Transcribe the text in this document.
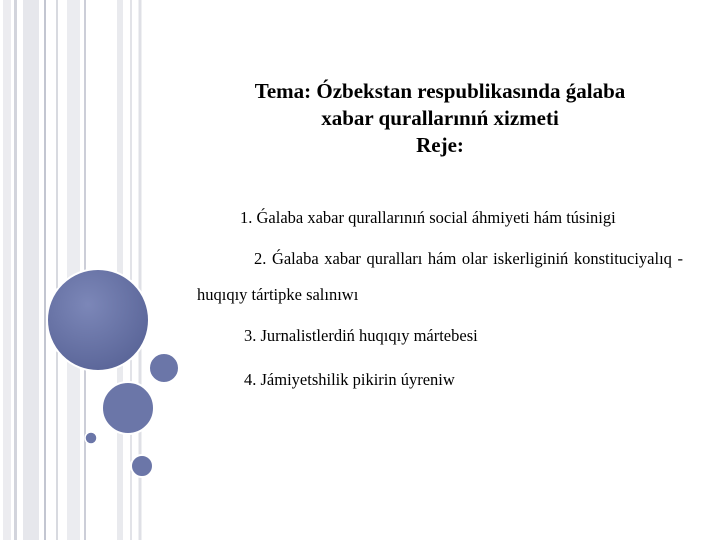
Tema: Ózbekstan respublikasında ǵalaba
xabar qurallarınıń xizmeti
Reje:
1. Ǵalaba xabar qurallarınıń social áhmiyeti hám túsinigi
2. Ǵalaba xabar quralları hám olar iskerliginiń konstituciyalıq -huqıqıy tártipke salınıwı
3. Jurnalistlerdiń huqıqıy mártebesi
4. Jámiyetshilik pikirin úyreniw
